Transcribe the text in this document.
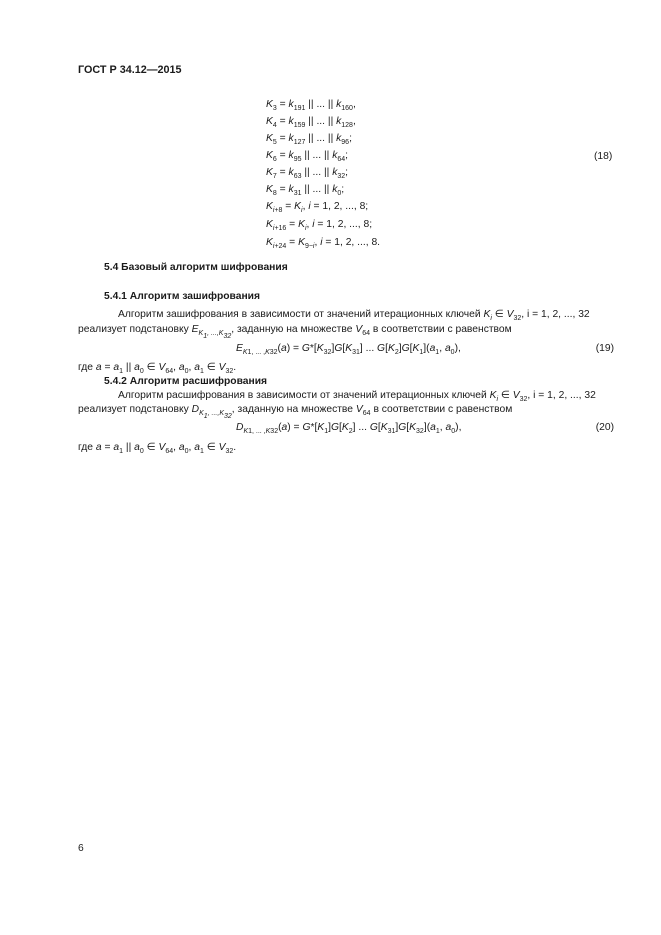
ГОСТ Р 34.12—2015
$K_3 = k_{191}$ || ... || $k_{160}$,
$K_4 = k_{159}$ || ... || $k_{128}$,
$K_5 = k_{127}$ || ... || $k_{96}$;
$K_6 = k_{95}$ || ... || $k_{64}$;
$K_7 = k_{63}$ || ... || $k_{32}$;
$K_8 = k_{31}$ || ... || $k_0$;
$K_{i+8} = K_i$, i = 1, 2, ..., 8;
$K_{i+16} = K_i$, i = 1, 2, ..., 8;
$K_{i+24} = K_{9-i}$, i = 1, 2, ..., 8.
(18)
5.4 Базовый алгоритм шифрования
5.4.1 Алгоритм зашифрования
Алгоритм зашифрования в зависимости от значений итерационных ключей $K_i$ ∈ $V_{32}$, i = 1, 2, ..., 32
реализует подстановку $E_{K_1, ...,K_{32}}$, заданную на множестве $V_{64}$ в соответствии с равенством
$E_{K1, ... ,K32}(a) = G*[K_{32}]G[K_{31}]$ ... $G[K_2]G[K_1](a_1$, $a_0$),	(19)
где $a = a_1$ || $a_0$ ∈ $V_{64}$, $a_0$, $a_1$ ∈ $V_{32}$.
5.4.2 Алгоритм расшифрования
Алгоритм расшифрования в зависимости от значений итерационных ключей $K_i$ ∈ $V_{32}$, i = 1, 2, ..., 32
реализует подстановку $D_{K_1, ...,K_{32}}$, заданную на множестве $V_{64}$ в соответствии с равенством
$D_{K1, ... ,K32}(a) = G*[K_1]G[K_2]$ ... $G[K_{31}]G[K_{32}](a_1$, $a_0$),	(20)
где $a = a_1$ || $a_0$ ∈ $V_{64}$, $a_0$, $a_1$ ∈ $V_{32}$.
6
